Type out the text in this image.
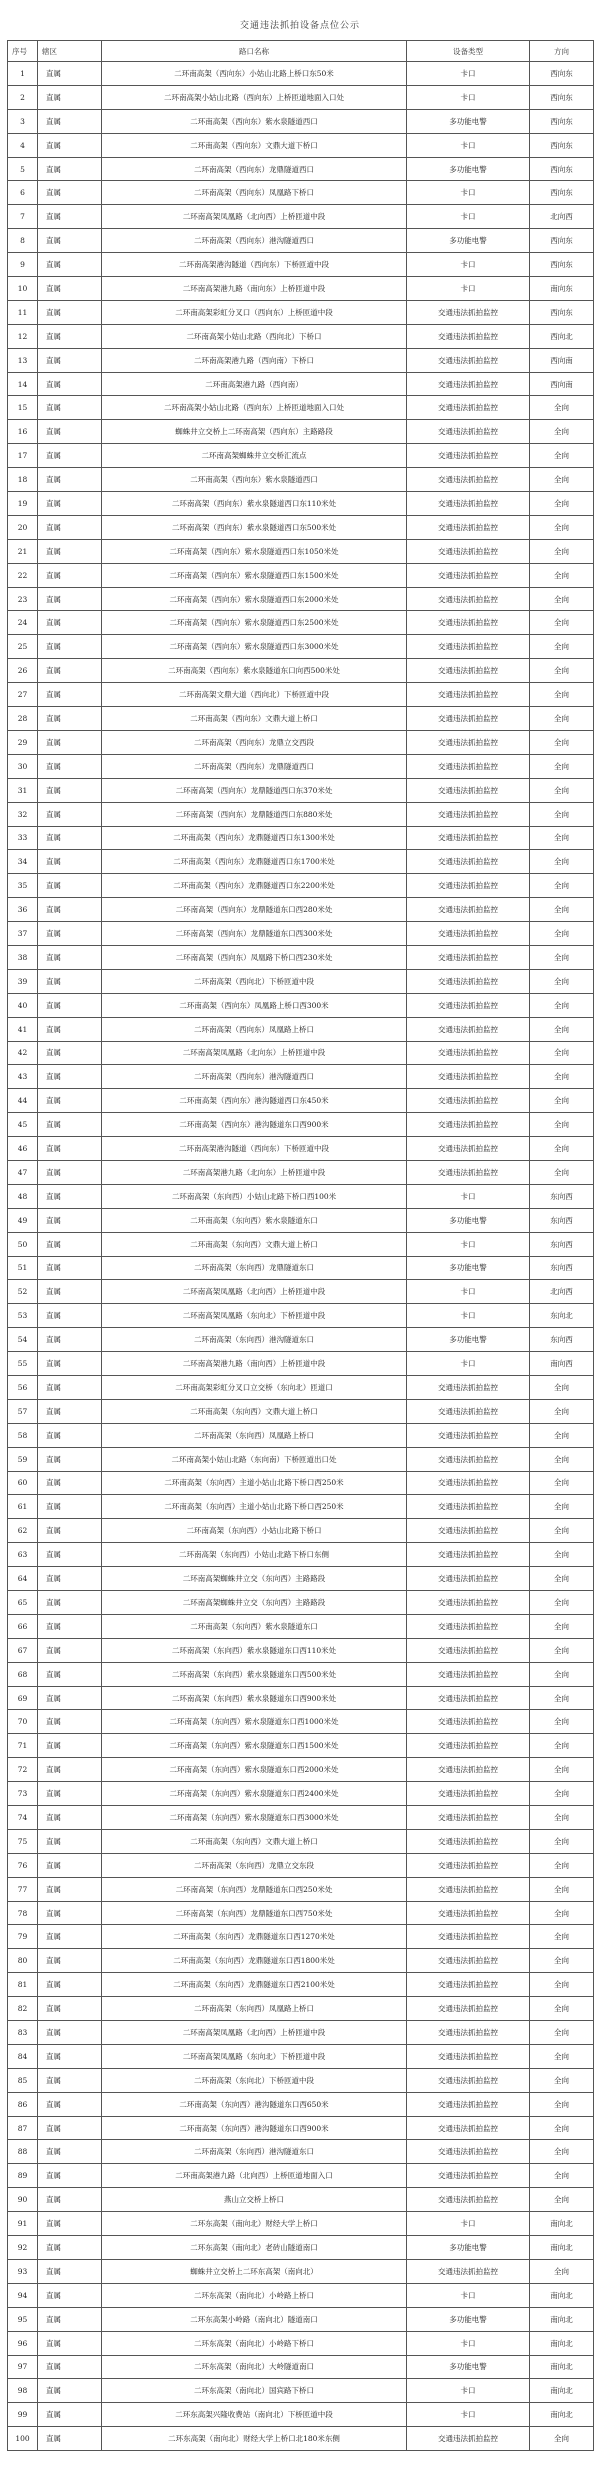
交通违法抓拍设备点位公示
序号	辖区	路口名称	设备类型	方向
1	直属	二环南高架（西向东）小姑山北路上桥口东50米	卡口	西向东
2	直属	二环南高架小姑山北路（西向东）上桥匝道地面入口处	卡口	西向东
3	直属	二环南高架（西向东）紫水泉隧道西口	多功能电警	西向东
4	直属	二环南高架（西向东）文鼎大道下桥口	卡口	西向东
5	直属	二环南高架（西向东）龙鼎隧道西口	多功能电警	西向东
6	直属	二环南高架（西向东）凤凰路下桥口	卡口	西向东
7	直属	二环南高架凤凰路（北向西）上桥匝道中段	卡口	北向西
8	直属	二环南高架（西向东）港沟隧道西口	多功能电警	西向东
9	直属	二环南高架港沟隧道（西向东）下桥匝道中段	卡口	西向东
10	直属	二环南高架港九路（南向东）上桥匝道中段	卡口	南向东
11	直属	二环南高架彩虹分叉口（西向东）上桥匝道中段	交通违法抓拍监控	西向东
12	直属	二环南高架小姑山北路（西向北）下桥口	交通违法抓拍监控	西向北
13	直属	二环南高架港九路（西向南）下桥口	交通违法抓拍监控	西向南
14	直属	二环南高架港九路（西向南）	交通违法抓拍监控	西向南
15	直属	二环南高架小姑山北路（西向东）上桥匝道地面入口处	交通违法抓拍监控	全向
16	直属	蜘蛛井立交桥上二环南高架（西向东）主路路段	交通违法抓拍监控	全向
17	直属	二环南高架蜘蛛井立交桥汇流点	交通违法抓拍监控	全向
18	直属	二环南高架（西向东）紫水泉隧道西口	交通违法抓拍监控	全向
19	直属	二环南高架（西向东）紫水泉隧道西口东110米处	交通违法抓拍监控	全向
20	直属	二环南高架（西向东）紫水泉隧道西口东500米处	交通违法抓拍监控	全向
21	直属	二环南高架（西向东）紫水泉隧道西口东1050米处	交通违法抓拍监控	全向
22	直属	二环南高架（西向东）紫水泉隧道西口东1500米处	交通违法抓拍监控	全向
23	直属	二环南高架（西向东）紫水泉隧道西口东2000米处	交通违法抓拍监控	全向
24	直属	二环南高架（西向东）紫水泉隧道西口东2500米处	交通违法抓拍监控	全向
25	直属	二环南高架（西向东）紫水泉隧道西口东3000米处	交通违法抓拍监控	全向
26	直属	二环南高架（西向东）紫水泉隧道东口向西500米处	交通违法抓拍监控	全向
27	直属	二环南高架文鼎大道（西向北）下桥匝道中段	交通违法抓拍监控	全向
28	直属	二环南高架（西向东）文鼎大道上桥口	交通违法抓拍监控	全向
29	直属	二环南高架（西向东）龙鼎立交西段	交通违法抓拍监控	全向
30	直属	二环南高架（西向东）龙鼎隧道西口	交通违法抓拍监控	全向
31	直属	二环南高架（西向东）龙鼎隧道西口东370米处	交通违法抓拍监控	全向
32	直属	二环南高架（西向东）龙鼎隧道西口东880米处	交通违法抓拍监控	全向
33	直属	二环南高架（西向东）龙鼎隧道西口东1300米处	交通违法抓拍监控	全向
34	直属	二环南高架（西向东）龙鼎隧道西口东1700米处	交通违法抓拍监控	全向
35	直属	二环南高架（西向东）龙鼎隧道西口东2200米处	交通违法抓拍监控	全向
36	直属	二环南高架（西向东）龙鼎隧道东口西280米处	交通违法抓拍监控	全向
37	直属	二环南高架（西向东）龙鼎隧道东口西300米处	交通违法抓拍监控	全向
38	直属	二环南高架（西向东）凤凰路下桥口西230米处	交通违法抓拍监控	全向
39	直属	二环南高架（西向北）下桥匝道中段	交通违法抓拍监控	全向
40	直属	二环南高架（西向东）凤凰路上桥口西300米	交通违法抓拍监控	全向
41	直属	二环南高架（西向东）凤凰路上桥口	交通违法抓拍监控	全向
42	直属	二环南高架凤凰路（北向东）上桥匝道中段	交通违法抓拍监控	全向
43	直属	二环南高架（西向东）港沟隧道西口	交通违法抓拍监控	全向
44	直属	二环南高架（西向东）港沟隧道西口东450米	交通违法抓拍监控	全向
45	直属	二环南高架（西向东）港沟隧道东口西900米	交通违法抓拍监控	全向
46	直属	二环南高架港沟隧道（西向东）下桥匝道中段	交通违法抓拍监控	全向
47	直属	二环南高架港九路（北向东）上桥匝道中段	交通违法抓拍监控	全向
48	直属	二环南高架（东向西）小姑山北路下桥口西100米	卡口	东向西
49	直属	二环南高架（东向西）紫水泉隧道东口	多功能电警	东向西
50	直属	二环南高架（东向西）文鼎大道上桥口	卡口	东向西
51	直属	二环南高架（东向西）龙鼎隧道东口	多功能电警	东向西
52	直属	二环南高架凤凰路（北向西）上桥匝道中段	卡口	北向西
53	直属	二环南高架凤凰路（东向北）下桥匝道中段	卡口	东向北
54	直属	二环南高架（东向西）港沟隧道东口	多功能电警	东向西
55	直属	二环南高架港九路（南向西）上桥匝道中段	卡口	南向西
56	直属	二环南高架彩虹分叉口立交桥（东向北）匝道口	交通违法抓拍监控	全向
57	直属	二环南高架（东向西）文鼎大道上桥口	交通违法抓拍监控	全向
58	直属	二环南高架（东向西）凤凰路上桥口	交通违法抓拍监控	全向
59	直属	二环南高架小姑山北路（东向南）下桥匝道出口处	交通违法抓拍监控	全向
60	直属	二环南高架（东向西）主道小姑山北路下桥口西250米	交通违法抓拍监控	全向
61	直属	二环南高架（东向西）主道小姑山北路下桥口西250米	交通违法抓拍监控	全向
62	直属	二环南高架（东向西）小姑山北路下桥口	交通违法抓拍监控	全向
63	直属	二环南高架（东向西）小姑山北路下桥口东侧	交通违法抓拍监控	全向
64	直属	二环南高架蜘蛛井立交（东向西）主路路段	交通违法抓拍监控	全向
65	直属	二环南高架蜘蛛井立交（东向西）主路路段	交通违法抓拍监控	全向
66	直属	二环南高架（东向西）紫水泉隧道东口	交通违法抓拍监控	全向
67	直属	二环南高架（东向西）紫水泉隧道东口西110米处	交通违法抓拍监控	全向
68	直属	二环南高架（东向西）紫水泉隧道东口西500米处	交通违法抓拍监控	全向
69	直属	二环南高架（东向西）紫水泉隧道东口西900米处	交通违法抓拍监控	全向
70	直属	二环南高架（东向西）紫水泉隧道东口西1000米处	交通违法抓拍监控	全向
71	直属	二环南高架（东向西）紫水泉隧道东口西1500米处	交通违法抓拍监控	全向
72	直属	二环南高架（东向西）紫水泉隧道东口西2000米处	交通违法抓拍监控	全向
73	直属	二环南高架（东向西）紫水泉隧道东口西2400米处	交通违法抓拍监控	全向
74	直属	二环南高架（东向西）紫水泉隧道东口西3000米处	交通违法抓拍监控	全向
75	直属	二环南高架（东向西）文鼎大道上桥口	交通违法抓拍监控	全向
76	直属	二环南高架（东向西）龙鼎立交东段	交通违法抓拍监控	全向
77	直属	二环南高架（东向西）龙鼎隧道东口西250米处	交通违法抓拍监控	全向
78	直属	二环南高架（东向西）龙鼎隧道东口西750米处	交通违法抓拍监控	全向
79	直属	二环南高架（东向西）龙鼎隧道东口西1270米处	交通违法抓拍监控	全向
80	直属	二环南高架（东向西）龙鼎隧道东口西1800米处	交通违法抓拍监控	全向
81	直属	二环南高架（东向西）龙鼎隧道东口西2100米处	交通违法抓拍监控	全向
82	直属	二环南高架（东向西）凤凰路上桥口	交通违法抓拍监控	全向
83	直属	二环南高架凤凰路（北向西）上桥匝道中段	交通违法抓拍监控	全向
84	直属	二环南高架凤凰路（东向北）下桥匝道中段	交通违法抓拍监控	全向
85	直属	二环南高架（东向北）下桥匝道中段	交通违法抓拍监控	全向
86	直属	二环南高架（东向西）港沟隧道东口西650米	交通违法抓拍监控	全向
87	直属	二环南高架（东向西）港沟隧道东口西900米	交通违法抓拍监控	全向
88	直属	二环南高架（东向西）港沟隧道东口	交通违法抓拍监控	全向
89	直属	二环南高架港九路（北向西）上桥匝道地面入口	交通违法抓拍监控	全向
90	直属	燕山立交桥上桥口	交通违法抓拍监控	全向
91	直属	二环东高架（南向北）财经大学上桥口	卡口	南向北
92	直属	二环东高架（南向北）老砖山隧道南口	多功能电警	南向北
93	直属	蜘蛛井立交桥上二环东高架（南向北）	交通违法抓拍监控	全向
94	直属	二环东高架（南向北）小岭路上桥口	卡口	南向北
95	直属	二环东高架小岭路（南向北）隧道南口	多功能电警	南向北
96	直属	二环东高架（南向北）小岭路下桥口	卡口	南向北
97	直属	二环东高架（南向北）大岭隧道南口	多功能电警	南向北
98	直属	二环东高架（南向北）国宾路下桥口	卡口	南向北
99	直属	二环东高架兴隆收费站（南向北）下桥匝道中段	卡口	南向北
100	直属	二环东高架（南向北）财经大学上桥口北180米东侧	交通违法抓拍监控	全向
